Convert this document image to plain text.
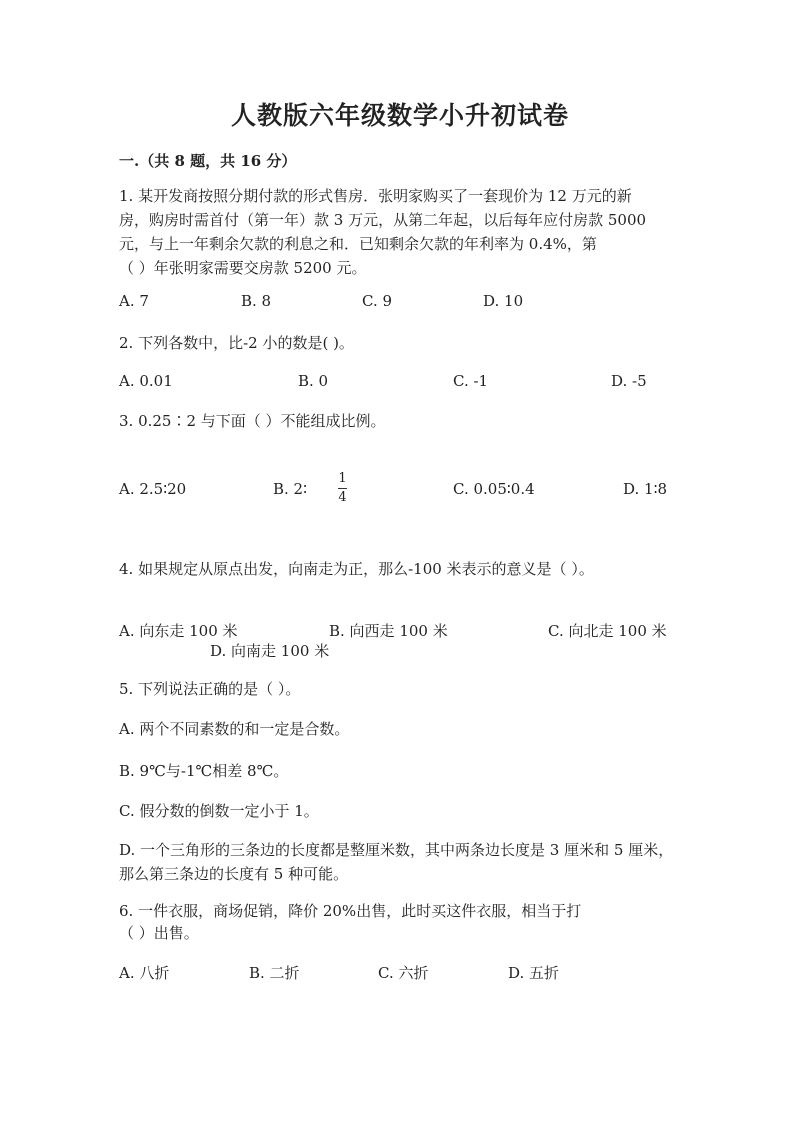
人教版六年级数学小升初试卷
一.（共 8 题，共 16 分）
1. 某开发商按照分期付款的形式售房．张明家购买了一套现价为 12 万元的新
房，购房时需首付（第一年）款 3 万元，从第二年起，以后每年应付房款 5000
元，与上一年剩余欠款的利息之和．已知剩余欠款的年利率为 0.4%，第
（ ）年张明家需要交房款 5200 元。
A. 7	B. 8	C. 9	D. 10
2. 下列各数中，比-2 小的数是( )。
A. 0.01	B. 0	C. -1	D. -5
3. 0.25∶2 与下面（ ）不能组成比例。
A. 2.5∶20	B. 2∶ $\frac{1}{4}$	C. 0.05∶0.4	D. 1∶8
4. 如果规定从原点出发，向南走为正，那么-100 米表示的意义是（ ）。
A. 向东走 100 米	B. 向西走 100 米	C. 向北走 100 米
D. 向南走 100 米
5. 下列说法正确的是（ ）。
A. 两个不同素数的和一定是合数。
B. 9℃与-1℃相差 8℃。
C. 假分数的倒数一定小于 1。
D. 一个三角形的三条边的长度都是整厘米数，其中两条边长度是 3 厘米和 5 厘米，那么第三条边的长度有 5 种可能。
6. 一件衣服，商场促销，降价 20%出售，此时买这件衣服，相当于打
（ ）出售。
A. 八折	B. 二折	C. 六折	D. 五折
